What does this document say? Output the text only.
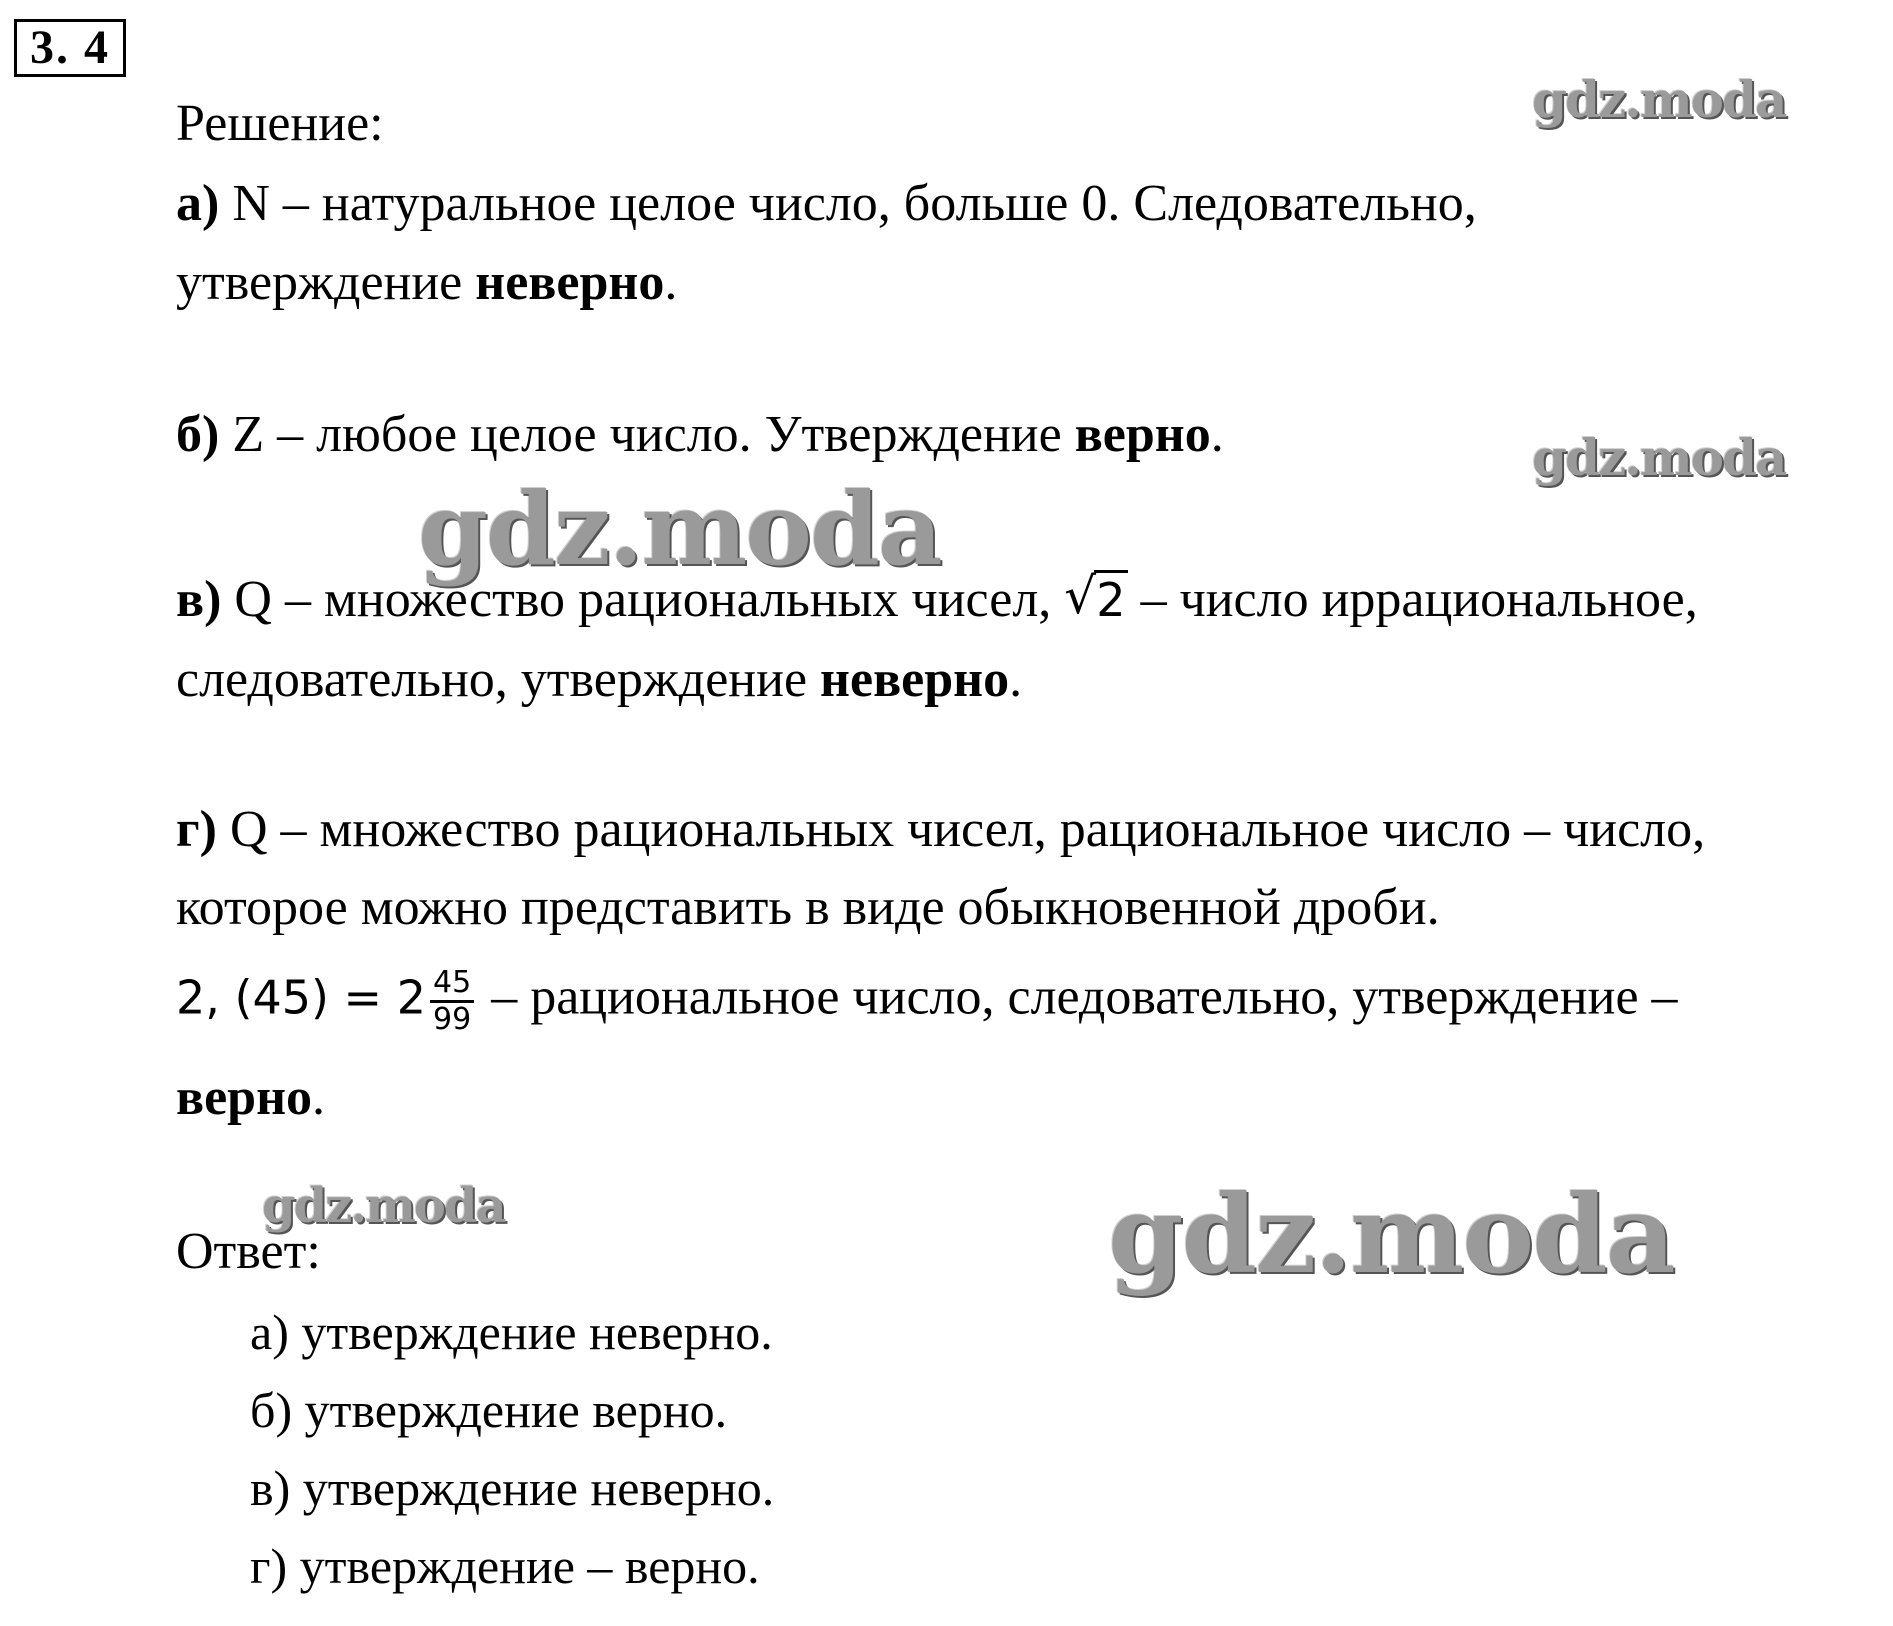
3. 4
gdz.moda
gdz.moda
gdz.moda
gdz.moda	gdz.moda
Решение:
а) N – натуральное целое число, больше 0. Следовательно,
утверждение неверно.
б) Z – любое целое число. Утверждение верно.
в) Q – множество рациональных чисел, √ 2 – число иррациональное,
следовательно, утверждение неверно.
г) Q – множество рациональных чисел, рациональное число – число,
которое можно представить в виде обыкновенной дроби.
2, $(45) = 2 \frac{45}{99}$ – рациональное число, следовательно, утверждение –
верно.
Ответ:
а) утверждение неверно.
б) утверждение верно.
в) утверждение неверно.
г) утверждение – верно.
